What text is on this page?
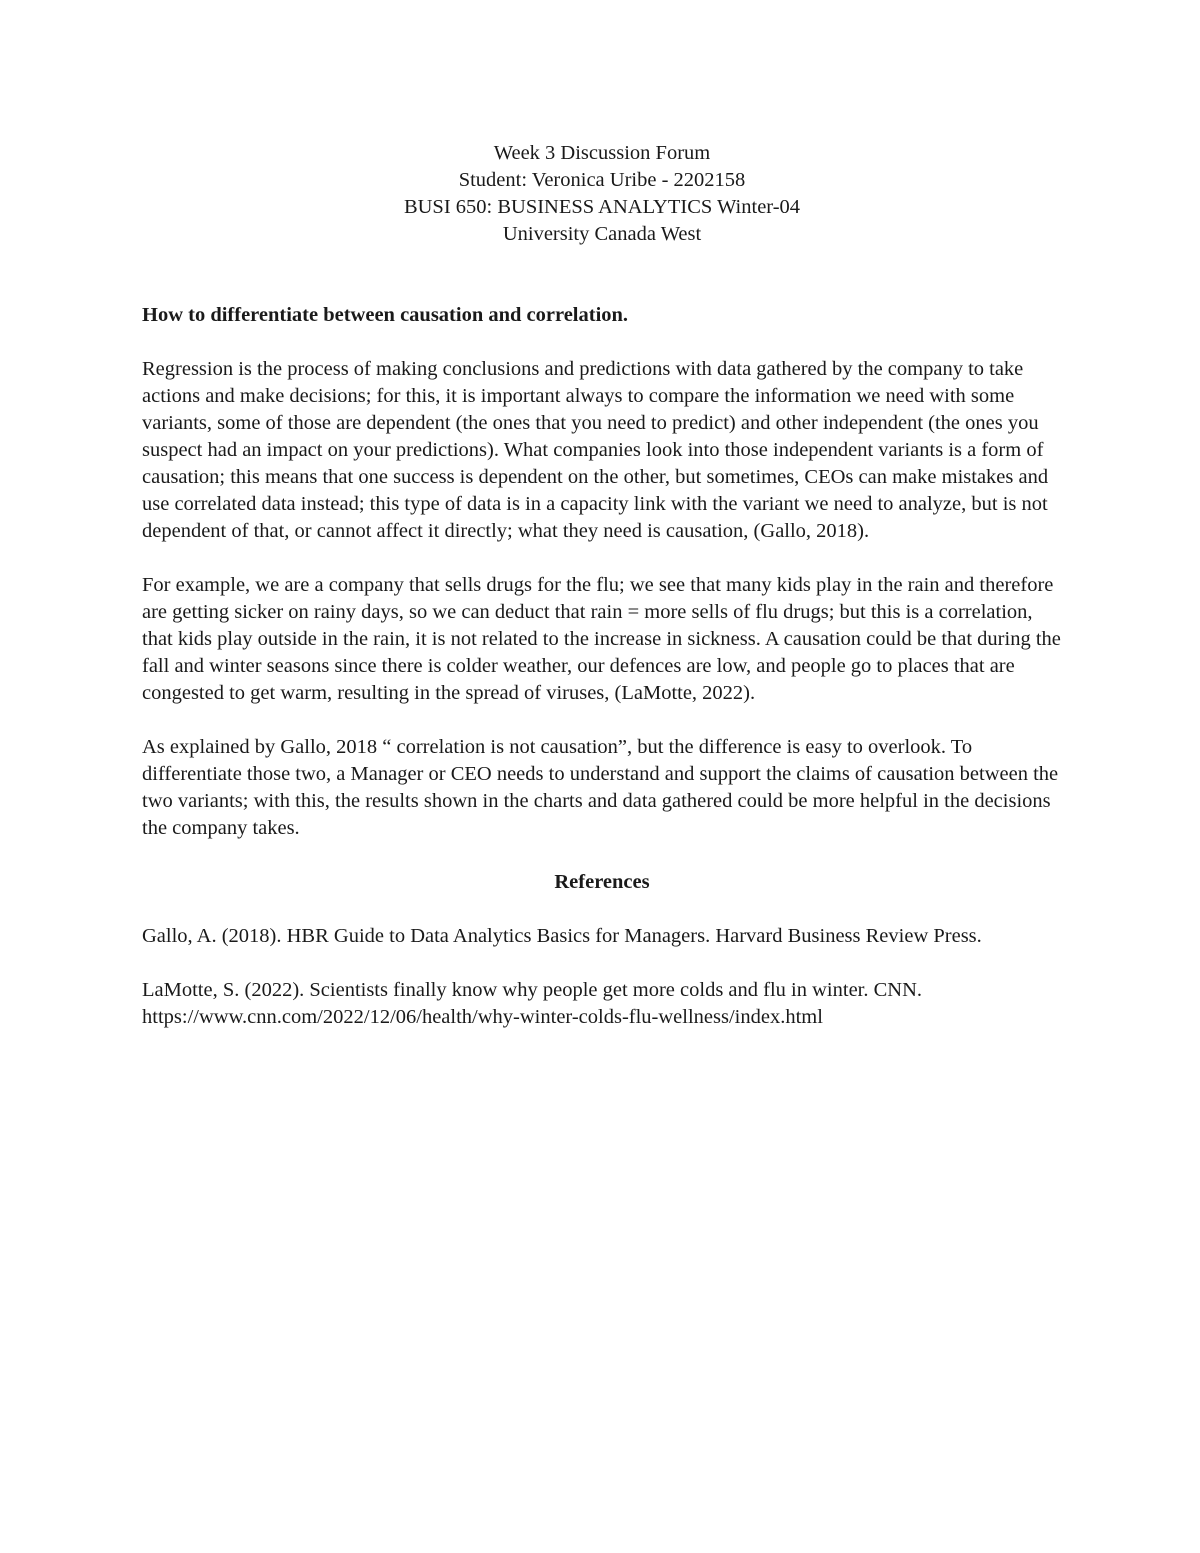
Week 3 Discussion Forum
Student: Veronica Uribe - 2202158
BUSI 650: BUSINESS ANALYTICS Winter-04
University Canada West
How to differentiate between causation and correlation.

Regression is the process of making conclusions and predictions with data gathered by the company to take actions and make decisions; for this, it is important always to compare the information we need with some variants, some of those are dependent (the ones that you need to predict) and other independent (the ones you suspect had an impact on your predictions). What companies look into those independent variants is a form of causation; this means that one success is dependent on the other, but sometimes, CEOs can make mistakes and use correlated data instead; this type of data is in a capacity link with the variant we need to analyze, but is not dependent of that, or cannot affect it directly; what they need is causation, (Gallo, 2018).

For example, we are a company that sells drugs for the flu; we see that many kids play in the rain and therefore are getting sicker on rainy days, so we can deduct that rain = more sells of flu drugs; but this is a correlation, that kids play outside in the rain, it is not related to the increase in sickness. A causation could be that during the fall and winter seasons since there is colder weather, our defences are low, and people go to places that are congested to get warm, resulting in the spread of viruses, (LaMotte, 2022).

As explained by Gallo, 2018 “ correlation is not causation”, but the difference is easy to overlook. To differentiate those two, a Manager or CEO needs to understand and support the claims of causation between the two variants; with this, the results shown in the charts and data gathered could be more helpful in the decisions the company takes.

References

Gallo, A. (2018). HBR Guide to Data Analytics Basics for Managers. Harvard Business Review Press.

LaMotte, S. (2022). Scientists finally know why people get more colds and flu in winter. CNN.
https://www.cnn.com/2022/12/06/health/why-winter-colds-flu-wellness/index.html
